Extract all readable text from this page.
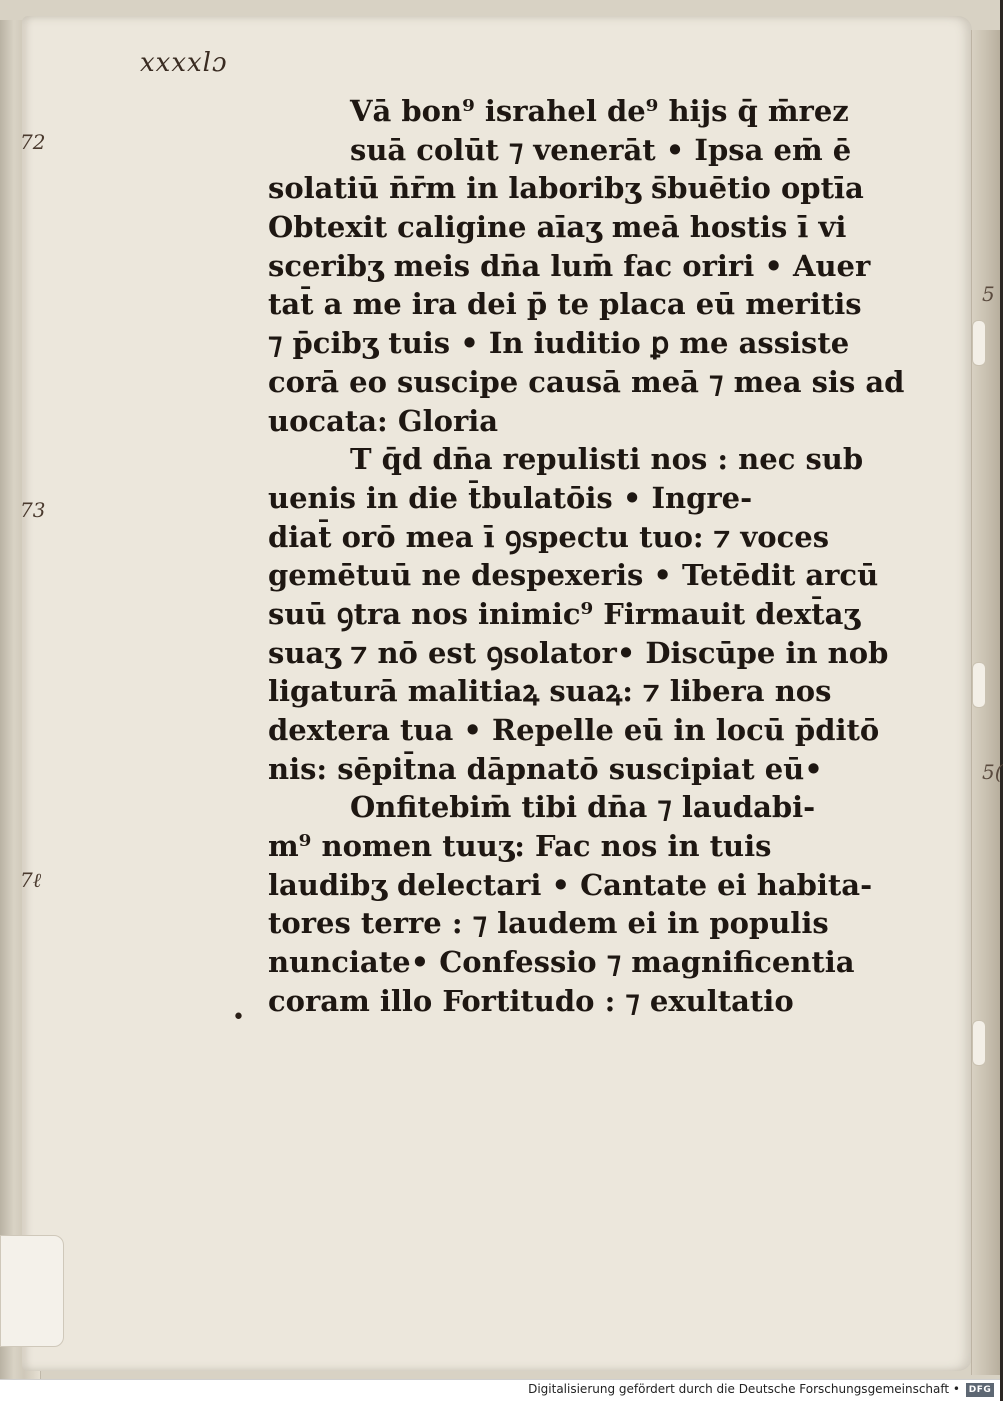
xxxxlɔ
72
73
7ℓ
5
5(
•
Vā bon⁹ israhel de⁹ hijs q̄ m̄rez
suā colūt ⁊ venerāt • Ipsa em̄ ē
solatiū n̄r̄m in laboribʒ s̄buētio optīa
Obtexit caligine aīaʒ meā hostis ī vi
sceribʒ meis dn̄a lum̄ fac oriri • Auer
tat̄ a me ira dei p̄ te placa eū meritis
⁊ p̄cibʒ tuis • In iuditio ꝑ me assiste
corā eo suscipe causā meā ⁊ mea sis ad
uocata: Gloria
T q̄d dn̄a repulisti nos : nec sub
uenis in die t̄bulatōis • Ingre-
diat̄ orō mea ī ꝯspectu tuo: ⁊ voces
gemētuū ne despexeris • Tetēdit arcū
suū ꝯtra nos inimic⁹ Firmauit dext̄aʒ
suaʒ ⁊ nō est ꝯsolator• Discūpe in nob
ligaturā malitiaꝝ suaꝝ: ⁊ libera nos
dextera tua • Repelle eū in locū p̄ditō
nis: sēpit̄na dāpnatō suscipiat eū•
Onfitebim̄ tibi dn̄a ⁊ laudabi-
m⁹ nomen tuuʒ: Fac nos in tuis
laudibʒ delectari • Cantate ei habita-
tores terre : ⁊ laudem ei in populis
nunciate• Confessio ⁊ magnificentia
coram illo Fortitudo : ⁊ exultatio
Digitalisierung gefördert durch die Deutsche Forschungsgemeinschaft • DFG
